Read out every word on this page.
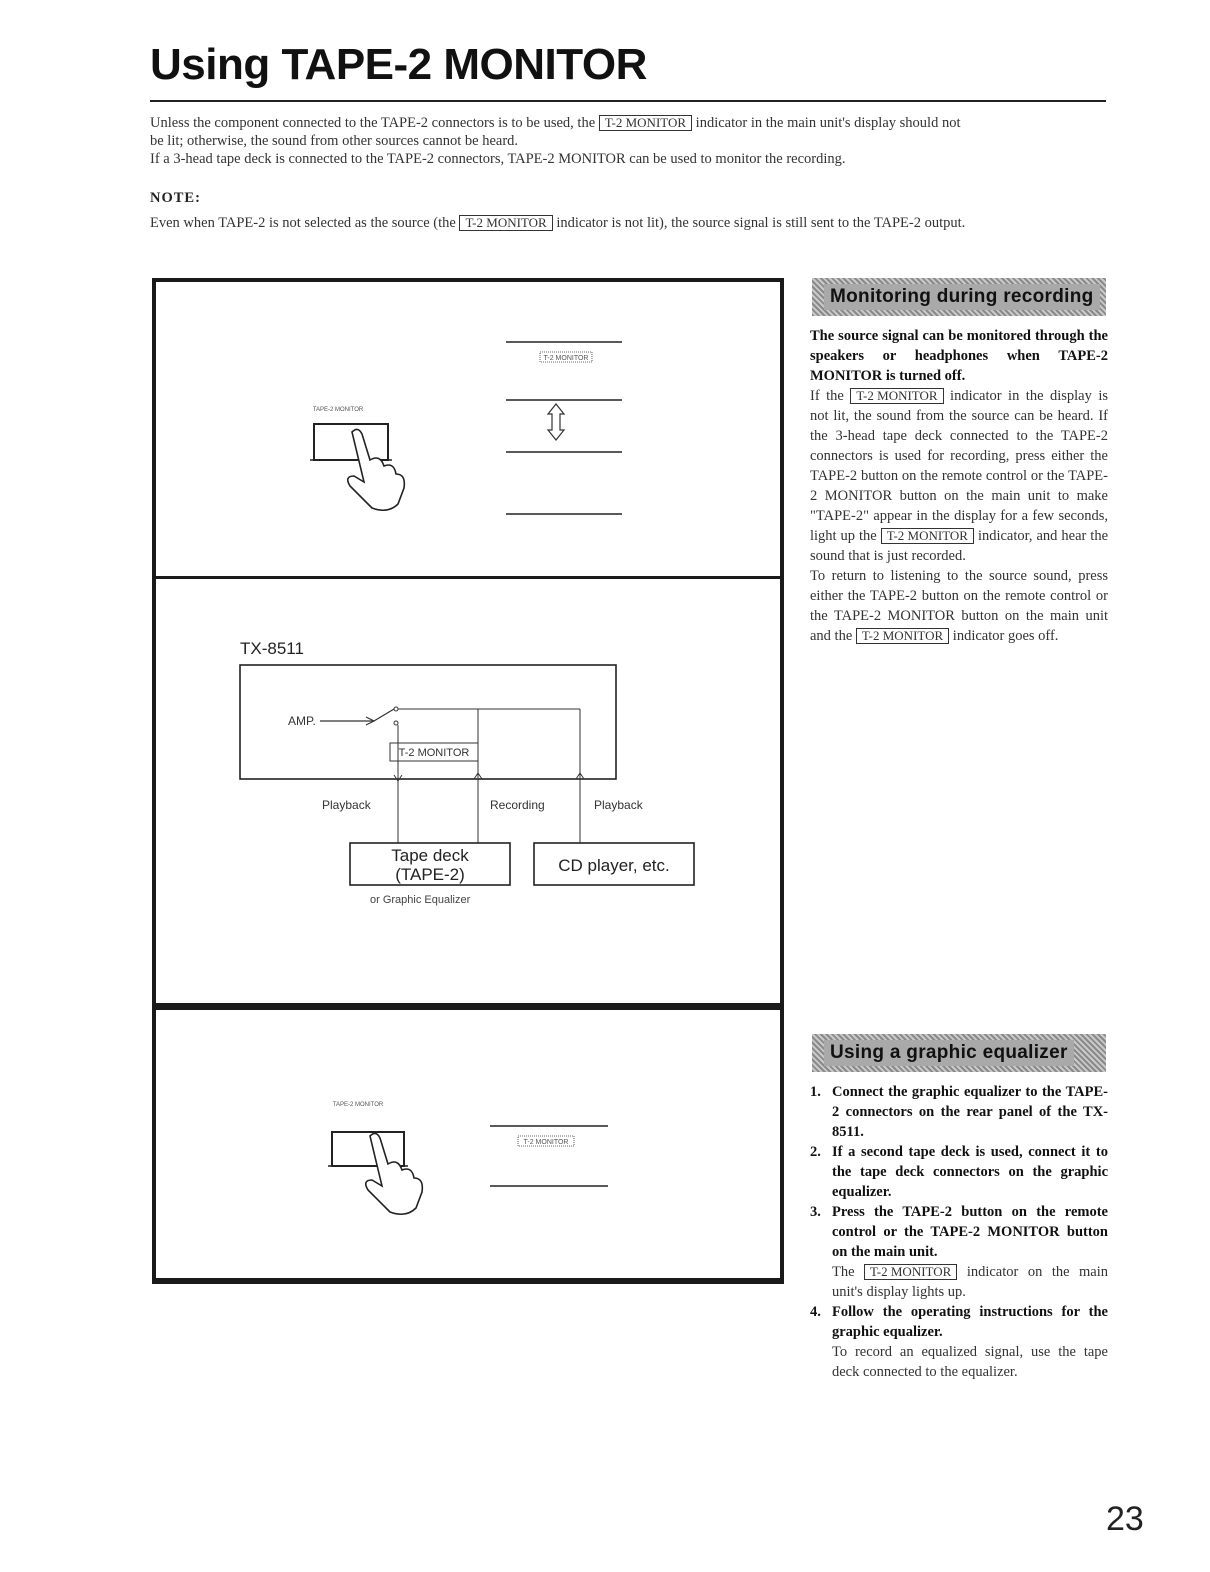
Using TAPE-2 MONITOR

Unless the component connected to the TAPE-2 connectors is to be used, the T-2 MONITOR indicator in the main unit's display should not

be lit; otherwise, the sound from other sources cannot be heard.

If a 3-head tape deck is connected to the TAPE-2 connectors, TAPE-2 MONITOR can be used to monitor the recording.

NOTE:
Even when TAPE-2 is not selected as the source (the T-2 MONITOR indicator is not lit), the source signal is still sent to the TAPE-2 output.
TAPE-2 MONITOR
T-2 MONITOR
TX-8511
AMP.
T-2 MONITOR
Playback	Recording	Playback
Tape deck
(TAPE-2)	CD player, etc.
or Graphic Equalizer
TAPE-2 MONITOR
T-2 MONITOR
Monitoring during recording

The source signal can be monitored through the speakers or headphones when TAPE-2 MONITOR is turned off.

If the T-2 MONITOR indicator in the display is not lit, the sound from the source can be heard. If the 3-head tape deck connected to the TAPE-2 connectors is used for recording, press either the TAPE-2 button on the remote control or the TAPE-2 MONITOR button on the main unit to make "TAPE-2" appear in the display for a few seconds, light up the T-2 MONITOR indicator, and hear the sound that is just recorded.

To return to listening to the source sound, press either the TAPE-2 button on the remote control or the TAPE-2 MONITOR button on the main unit and the T-2 MONITOR indicator goes off.

Using a graphic equalizer
1. Connect the graphic equalizer to the TAPE-2 connectors on the rear panel of the TX-8511.
2. If a second tape deck is used, connect it to the tape deck connectors on the graphic equalizer.
3. Press the TAPE-2 button on the remote control or the TAPE-2 MONITOR button on the main unit.
The T-2 MONITOR indicator on the main unit's display lights up.
4. Follow the operating instructions for the graphic equalizer.
To record an equalized signal, use the tape deck connected to the equalizer.
23
